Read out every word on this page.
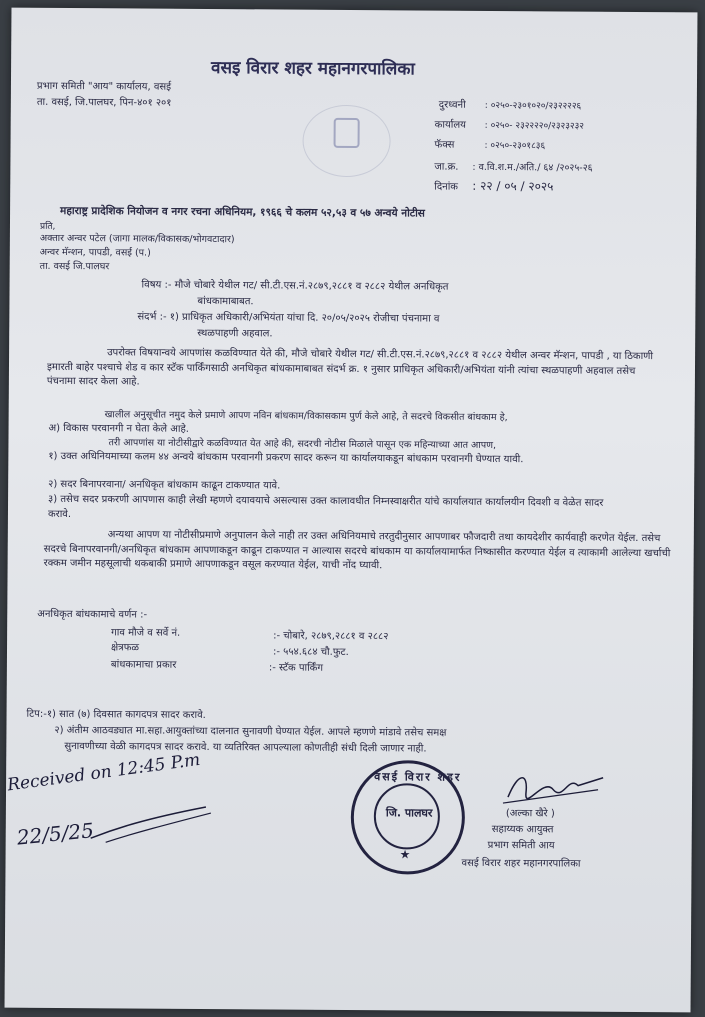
वसइ विरार शहर महानगरपालिका
प्रभाग समिती "आय" कार्यालय, वसई
ता. वसई, जि.पालघर, पिन-४०१ २०१	दुरध्वनी : ०२५०-२३०१०२०/२३२२२२६
कार्यालय : ०२५०- २३२२२२०/२३२३२३२
फॅक्स	: ०२५०-२३०१८३६
जा.क्र. : व.वि.श.म./अति./ ६४ /२०२५-२६
दिनांक : २२ / ०५ / २०२५
महाराष्ट्र प्रादेशिक नियोजन व नगर रचना अधिनियम, १९६६ चे कलम ५२,५३ व ५७ अन्वये नोटीस
प्रति,
अक्तार अन्वर पटेल (जागा मालक/विकासक/भोगवटादार)
अन्वर मॅन्शन, पापडी, वसई (प.)
ता. वसई जि.पालघर
विषय :- मौजे चोबारे येथील गट/ सी.टी.एस.नं.२८७९,२८८१ व २८८२ येथील अनधिकृत
बांधकामाबाबत.
संदर्भ :- १) प्राधिकृत अधिकारी/अभियंता यांचा दि. २०/०५/२०२५ रोजीचा पंचनामा व
स्थळपाहणी अहवाल.
उपरोक्त विषयान्वये आपणांस कळविण्यात येते की, मौजे चोबारे येथील गट/ सी.टी.एस.नं.२८७९,२८८१ व २८८२ येथील अन्वर मॅन्शन, पापडी , या ठिकाणी इमारती बाहेर पश्चाचे शेड व कार स्टॅक पार्किंगसाठी अनधिकृत बांधकामाबाबत संदर्भ क्र. १ नुसार प्राधिकृत अधिकारी/अभियंता यांनी त्यांचा स्थळपाहणी अहवाल तसेच पंचनामा सादर केला आहे.
खालील अनुसूचीत नमुद केले प्रमाणे आपण नविन बांधकाम/विकासकाम पुर्ण केले आहे, ते सदरचे विकसीत बांधकाम हे,
अ) विकास परवानगी न घेता केले आहे.
तरी आपणांस या नोटीसीद्वारे कळविण्यात येत आहे की, सदरची नोटीस मिळाले पासून एक महिन्याच्या आत आपण,
१) उक्त अधिनियमाच्या कलम ४४ अन्वये बांधकाम परवानगी प्रकरण सादर करून या कार्यालयाकडून बांधकाम परवानगी घेण्यात यावी.
२) सदर बिनापरवाना/ अनधिकृत बांधकाम काढून टाकण्यात यावे.
३) तसेच सदर प्रकरणी आपणास काही लेखी म्हणणे दयावयाचे असल्यास उक्त कालावधीत निम्नस्वाक्षरीत यांचे कार्यालयात कार्यालयीन दिवशी व वेळेत सादर करावे.
अन्यथा आपण या नोटीसीप्रमाणे अनुपालन केले नाही तर उक्त अधिनियमाचे तरतुदीनुसार आपणाबर फौजदारी तथा कायदेशीर कार्यवाही करणेत येईल. तसेच सदरचे बिनापरवानगी/अनधिकृत बांधकाम आपणाकडून काढून टाकण्यात न आल्यास सदरचे बांधकाम या कार्यालयामार्फत निष्कासीत करण्यात येईल व त्याकामी आलेल्या खर्चाची रक्कम जमीन महसूलाची थकबाकी प्रमाणे आपणाकडून वसूल करण्यात येईल, याची नोंद घ्यावी.
अनधिकृत बांधकामाचे वर्णन :-
गाव मौजे व सर्वे नं.	:- चोबारे, २८७९,२८८१ व २८८२
क्षेत्रफळ	:- ५५४.६८४ चौ.फुट.
बांधकामाचा प्रकार	:- स्टॅक पार्किंग
टिप:-१) सात (७) दिवसात कागदपत्र सादर करावे.
२) अंतीम आठवड्यात मा.सहा.आयुक्तांच्या दालनात सुनावणी घेण्यात येईल. आपले म्हणणे मांडावे तसेच समक्ष
सुनावणीच्या वेळी कागदपत्र सादर करावे. या व्यतिरिक्त आपल्याला कोणतीही संधी दिली जाणार नाही.
वसई विरार शहर
जि. पालघर
★
(अल्का खैरे )
सहाय्यक आयुक्त
प्रभाग समिती आय
वसई विरार शहर महानगरपालिका
Received on 12:45 P.m
22/5/25
